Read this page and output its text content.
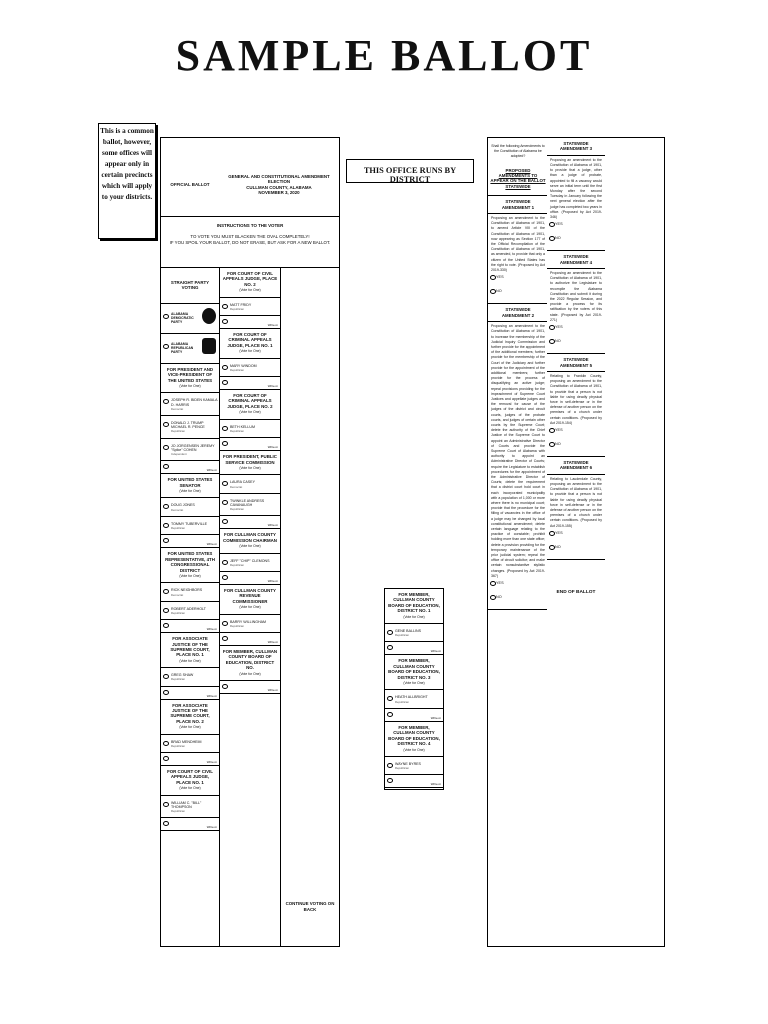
SAMPLE BALLOT
This is a common ballot, however, some offices will appear only in certain precincts which will apply to your districts.
OFFICIAL BALLOT
GENERAL AND CONSTITUTIONAL AMENDMENT ELECTION
CULLMAN COUNTY, ALABAMA
NOVEMBER 3, 2020
INSTRUCTIONS TO THE VOTER
TO VOTE YOU MUST BLACKEN THE OVAL COMPLETELY!
IF YOU SPOIL YOUR BALLOT, DO NOT ERASE, BUT ASK FOR A NEW BALLOT.
STRAIGHT PARTY VOTING
ALABAMA DEMOCRATIC PARTY
ALABAMA REPUBLICAN PARTY
FOR PRESIDENT AND VICE-PRESIDENT OF THE UNITED STATES
(Vote for One)
JOSEPH R. BIDEN KAMALA D. HARRIS
Democrat
DONALD J. TRUMP MICHAEL R. PENCE
Republican
JO JORGENSEN JEREMY "Spike" COHEN
Independent
Write-in
FOR UNITED STATES SENATOR
(Vote for One)
DOUG JONES
Democrat
TOMMY TUBERVILLE
Republican
Write-in
FOR UNITED STATES REPRESENTATIVE, 4TH CONGRESSIONAL DISTRICT
(Vote for One)
RICK NEIGHBORS
Democrat
ROBERT ADERHOLT
Republican
Write-in
FOR ASSOCIATE JUSTICE OF THE SUPREME COURT, PLACE NO. 1
(Vote for One)
GREG SHAW
Republican
Write-in
FOR ASSOCIATE JUSTICE OF THE SUPREME COURT, PLACE NO. 2
(Vote for One)
BRAD MENDHEIM
Republican
Write-in
FOR COURT OF CIVIL APPEALS JUDGE, PLACE NO. 1
(Vote for One)
WILLIAM C. "BILL" THOMPSON
Republican
Write-in
FOR COURT OF CIVIL APPEALS JUDGE, PLACE NO. 2
(Vote for One)
MATT FRIDY
Republican
Write-in
FOR COURT OF CRIMINAL APPEALS JUDGE, PLACE NO. 1
(Vote for One)
MARY WINDOM
Republican
Write-in
FOR COURT OF CRIMINAL APPEALS JUDGE, PLACE NO. 2
(Vote for One)
BETH KELLUM
Republican
Write-in
FOR PRESIDENT, PUBLIC SERVICE COMMISSION
(Vote for One)
LAURA CASEY
Democrat
TWINKLE ANDRESS CAVANAUGH
Republican
Write-in
FOR CULLMAN COUNTY COMMISSION CHAIRMAN
(Vote for One)
JEFF "CHIP" CLEMONS
Republican
Write-in
FOR CULLMAN COUNTY REVENUE COMMISSIONER
(Vote for One)
BARRY WILLINGHAM
Republican
Write-in
FOR MEMBER, CULLMAN COUNTY BOARD OF EDUCATION, DISTRICT NO.
(Vote for One)
Write-in
CONTINUE VOTING ON BACK
THIS OFFICE RUNS BY DISTRICT
FOR MEMBER, CULLMAN COUNTY BOARD OF EDUCATION, DISTRICT NO. 1
(Vote for One)
GENE BALLINS
Republican
Write-in
FOR MEMBER, CULLMAN COUNTY BOARD OF EDUCATION, DISTRICT NO. 3
(Vote for One)
HEATH ALLBRIGHT
Republican
Write-in
FOR MEMBER, CULLMAN COUNTY BOARD OF EDUCATION, DISTRICT NO. 4
(Vote for One)
WAYNE BYRES
Republican
Write-in
Shall the following Amendments to the Constitution of Alabama be adopted?
PROPOSED AMENDMENTS TO APPEAR ON THE BALLOT STATEWIDE
STATEWIDE AMENDMENT 1
Proposing an amendment to the Constitution of Alabama of 1901, to amend Article VIII of the Constitution of Alabama of 1901, now appearing as Section 177 of the Official Recompilation of the Constitution of Alabama of 1901, as amended, to provide that only a citizen of the United States has the right to vote. (Proposed by Act 2019-330)
YES
NO
STATEWIDE AMENDMENT 2
Proposing an amendment to the Constitution of Alabama of 1901, to increase the membership of the Judicial Inquiry Commission and further provide for the appointment of the additional members; further provide for the membership of the Court of the Judiciary and further provide for the appointment of the additional members; further provide for the process of disqualifying an active judge; repeal provisions providing for the impeachment of Supreme Court Justices and appellate judges and the removal for cause of the judges of the district and circuit courts, judges of the probate courts, and judges of certain other courts by the Supreme Court; delete the authority of the Chief Justice of the Supreme Court to appoint an Administrative Director of Courts and provide the Supreme Court of Alabama with authority to appoint an Administrative Director of Courts; require the Legislature to establish procedures for the appointment of the Administrative Director of Courts; delete the requirement that a district court hold court in each incorporated municipality with a population of 1,000 or more where there is no municipal court; provide that the procedure for the filling of vacancies in the office of a judge may be changed by local constitutional amendment; delete certain language relating to the practice of constable; prohibit holding more than one state office; delete a provision providing for the temporary maintenance of the prior judicial system; repeal the office of circuit solicitor; and make certain nonsubstantive stylistic changes. (Proposed by Act 2019-367)
YES
NO
STATEWIDE AMENDMENT 3
Proposing an amendment to the Constitution of Alabama of 1901, to provide that a judge, other than a judge of probate, appointed to fill a vacancy would serve an initial term until the first Monday after the second Tuesday in January following the next general election after the judge has completed two years in office. (Proposed by Act 2019-346)
YES
NO
STATEWIDE AMENDMENT 4
Proposing an amendment to the Constitution of Alabama of 1901, to authorize the Legislature to recompile the Alabama Constitution and submit it during the 2022 Regular Session, and provide a process for its ratification by the voters of this state. (Proposed by Act 2019-271)
YES
NO
STATEWIDE AMENDMENT 5
Relating to Franklin County, proposing an amendment to the Constitution of Alabama of 1901, to provide that a person is not liable for using deadly physical force in self-defense or in the defense of another person on the premises of a church under certain conditions. (Proposed by Act 2019-154)
YES
NO
STATEWIDE AMENDMENT 6
Relating to Lauderdale County, proposing an amendment to the Constitution of Alabama of 1901, to provide that a person is not liable for using deadly physical force in self-defense or in the defense of another person on the premises of a church under certain conditions. (Proposed by Act 2019-155)
YES
NO
END OF BALLOT
